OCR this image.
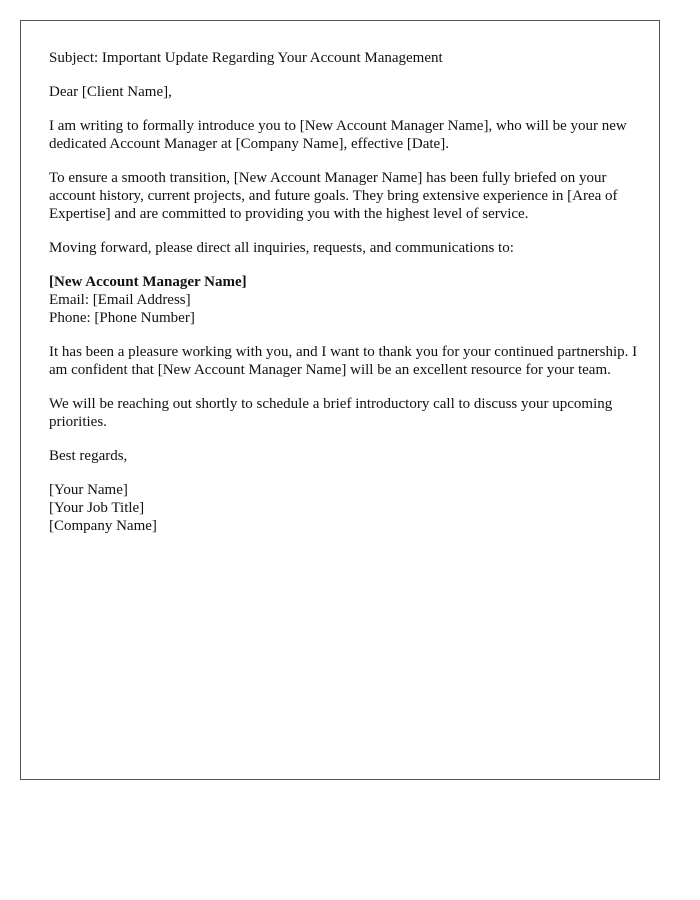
Subject: Important Update Regarding Your Account Management

Dear [Client Name],

I am writing to formally introduce you to [New Account Manager Name], who will be your new dedicated Account Manager at [Company Name], effective [Date].

To ensure a smooth transition, [New Account Manager Name] has been fully briefed on your account history, current projects, and future goals. They bring extensive experience in [Area of Expertise] and are committed to providing you with the highest level of service.

Moving forward, please direct all inquiries, requests, and communications to:

[New Account Manager Name]
Email: [Email Address]
Phone: [Phone Number]

It has been a pleasure working with you, and I want to thank you for your continued partnership. I am confident that [New Account Manager Name] will be an excellent resource for your team.

We will be reaching out shortly to schedule a brief introductory call to discuss your upcoming priorities.

Best regards,

[Your Name]
[Your Job Title]
[Company Name]
